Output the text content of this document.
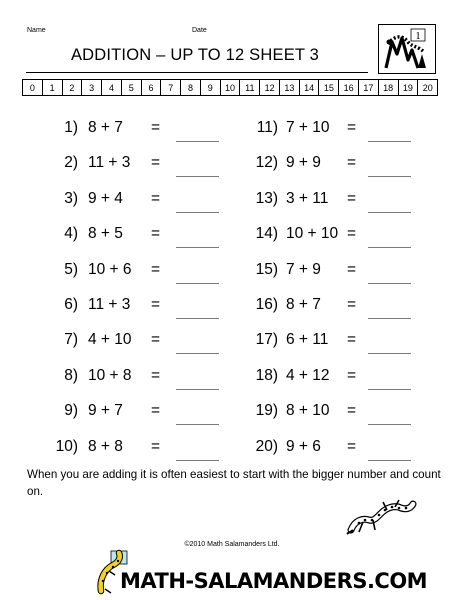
Name	Date
ADDITION – UP TO 12 SHEET 3
1
0	1	2	3	4	5	6	7	8	9	10	11	12	13	14	15	16	17	18	19	20
1) 8 + 7 =
2) 11 + 3 =
3) 9 + 4 =
4) 8 + 5 =
5) 10 + 6 =
6) 11 + 3 =
7) 4 + 10 =
8) 10 + 8 =
9) 9 + 7 =
10) 8 + 8 =
11) 7 + 10 =
12) 9 + 9 =
13) 3 + 11 =
14) 10 + 10 =
15) 7 + 9 =
16) 8 + 7 =
17) 6 + 11 =
18) 4 + 12 =
19) 8 + 10 =
20) 9 + 6 =
When you are adding it is often easiest to start with the bigger number and count on.
©2010 Math Salamanders Ltd.
MATH-SALAMANDERS.COM
